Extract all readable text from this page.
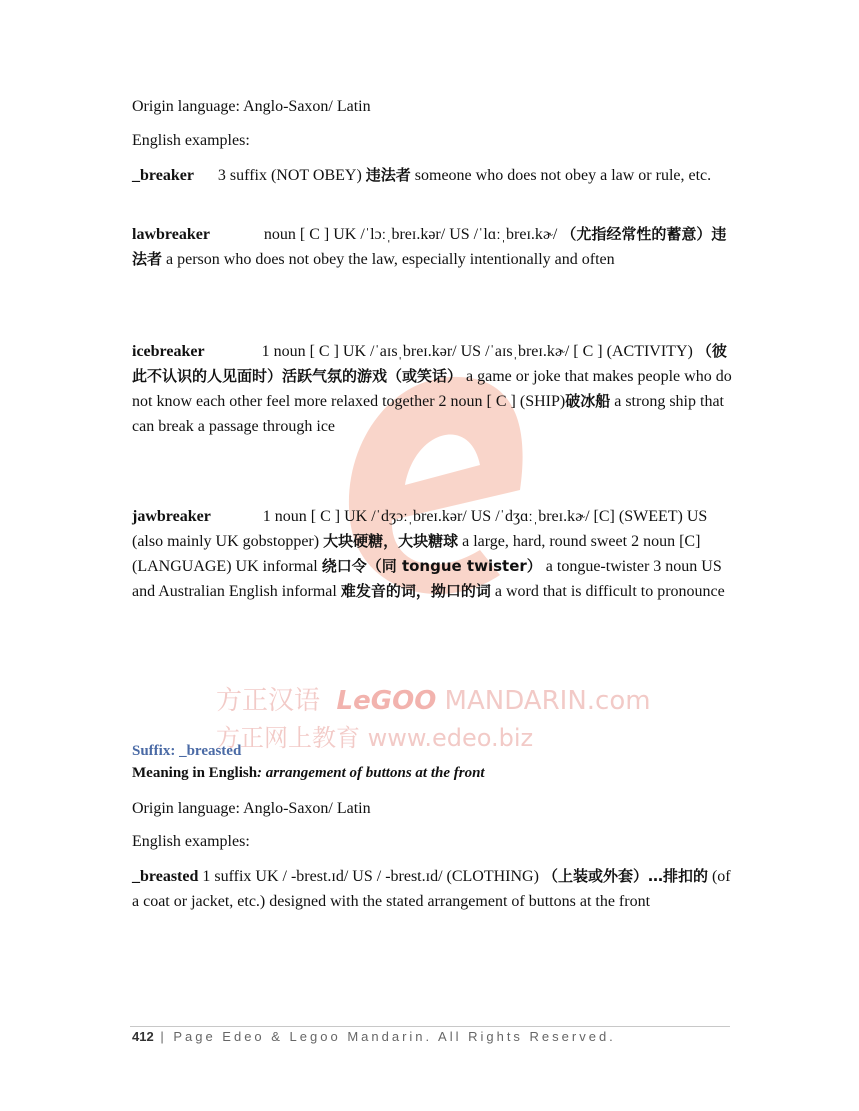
方正汉语 LeGOO MANDARIN.com
方正网上教育 www.edeo.biz
Origin language: Anglo-Saxon/ Latin
English examples:
_breaker 3 suffix (NOT OBEY) 违法者 someone who does not obey a law or rule, etc.
lawbreaker	noun [ C ] UK /ˈlɔːˌbreɪ.kər/ US /ˈlɑːˌbreɪ.kɚ/ （尤指经常性的蓄意）违法者 a person who does not obey the law, especially intentionally and often
icebreaker	1 noun [ C ] UK /ˈaɪsˌbreɪ.kər/ US /ˈaɪsˌbreɪ.kɚ/ [ C ] (ACTIVITY) （彼此不认识的人见面时）活跃气氛的游戏（或笑话） a game or joke that makes people who do not know each other feel more relaxed together 2 noun [ C ] (SHIP)破冰船 a strong ship that can break a passage through ice
jawbreaker	1 noun [ C ] UK /ˈdʒɔːˌbreɪ.kər/ US /ˈdʒɑːˌbreɪ.kɚ/ [C] (SWEET) US (also mainly UK gobstopper) 大块硬糖，大块糖球 a large, hard, round sweet 2 noun [C] (LANGUAGE) UK informal 绕口令（同 tongue twister） a tongue-twister 3 noun US and Australian English informal 难发音的词，拗口的词 a word that is difficult to pronounce
Suffix: _breasted
Meaning in English: arrangement of buttons at the front
Origin language: Anglo-Saxon/ Latin
English examples:
_breasted 1 suffix UK / -brest.ɪd/ US / -brest.ɪd/ (CLOTHING) （上装或外套）…排扣的 (of a coat or jacket, etc.) designed with the stated arrangement of buttons at the front
412 | Page Edeo & Legoo Mandarin. All Rights Reserved.
